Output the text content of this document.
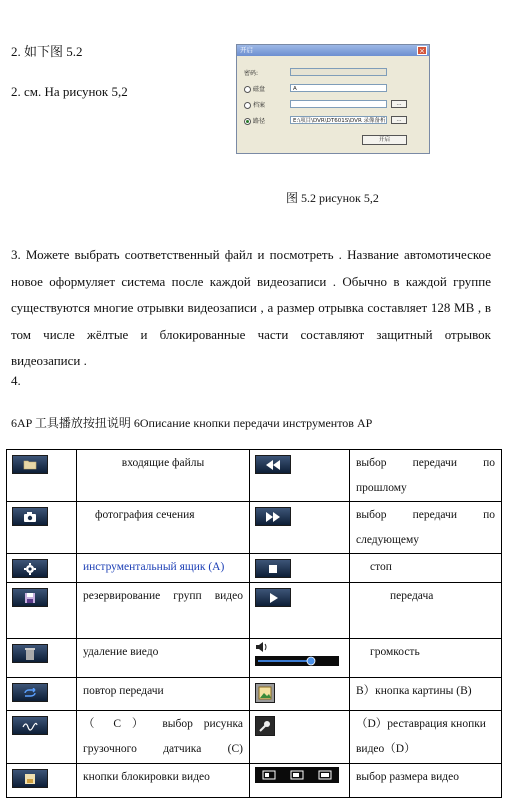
2. 如下图 5.2
2. см. На рисунок 5,2
开启	×
密码:
磁盘	A
档案	...
路径	E:\项目\DVR\DT601S\DVR 录像备析	...
开启
图 5.2 рисунок 5,2
3. Можете выбрать соответственный файл и посмотреть . Название автомотическое новое оформуляет система после каждой видеозаписи . Обычно в каждой группе существуются многие отрывки видеозаписи , а размер отрывка составляет 128 MB , в том числе жёлтые и блокированные части составляют защитный отрывок видеозаписи .
4.
6AP 工具播放按扭说明 6Описание кнопки передачи инструментов AP
	входящие файлы		выбор передачи по прошлому

	фотография сечения		выбор передачи по следующему

	инструментальный ящик (A)		стоп

	резервирование групп видео		передача

	удаление виедо		громкость

	повтор передачи		B）кнопка картины (B)

	（ C ） выбор рисунка грузочного датчика (C)		（D）реставрация кнопки видео（D）

	кнопки блокировки видео		выбор размера видео
